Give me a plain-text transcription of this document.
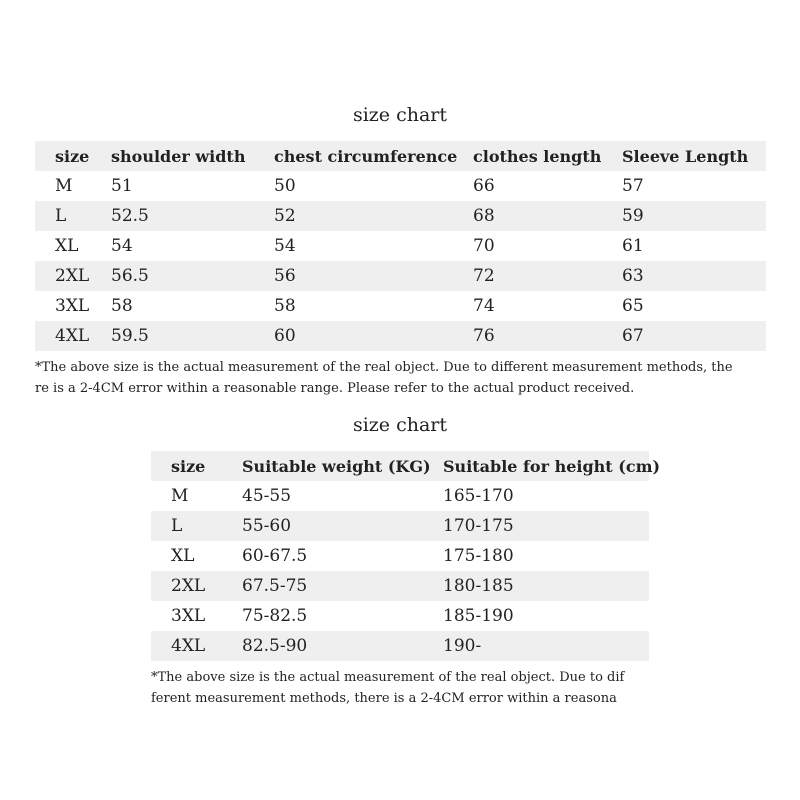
size chart
size	shoulder width	chest circumference	clothes length	Sleeve Length
M	51	50	66	57
L	52.5	52	68	59
XL	54	54	70	61
2XL	56.5	56	72	63
3XL	58	58	74	65
4XL	59.5	60	76	67
*The above size is the actual measurement of the real object. Due to different measurement methods, the
re is a 2-4CM error within a reasonable range. Please refer to the actual product received.
size chart
size	Suitable weight (KG)	Suitable for height (cm)
M	45-55	165-170
L	55-60	170-175
XL	60-67.5	175-180
2XL	67.5-75	180-185
3XL	75-82.5	185-190
4XL	82.5-90	190-
*The above size is the actual measurement of the real object. Due to dif
ferent measurement methods, there is a 2-4CM error within a reasona
